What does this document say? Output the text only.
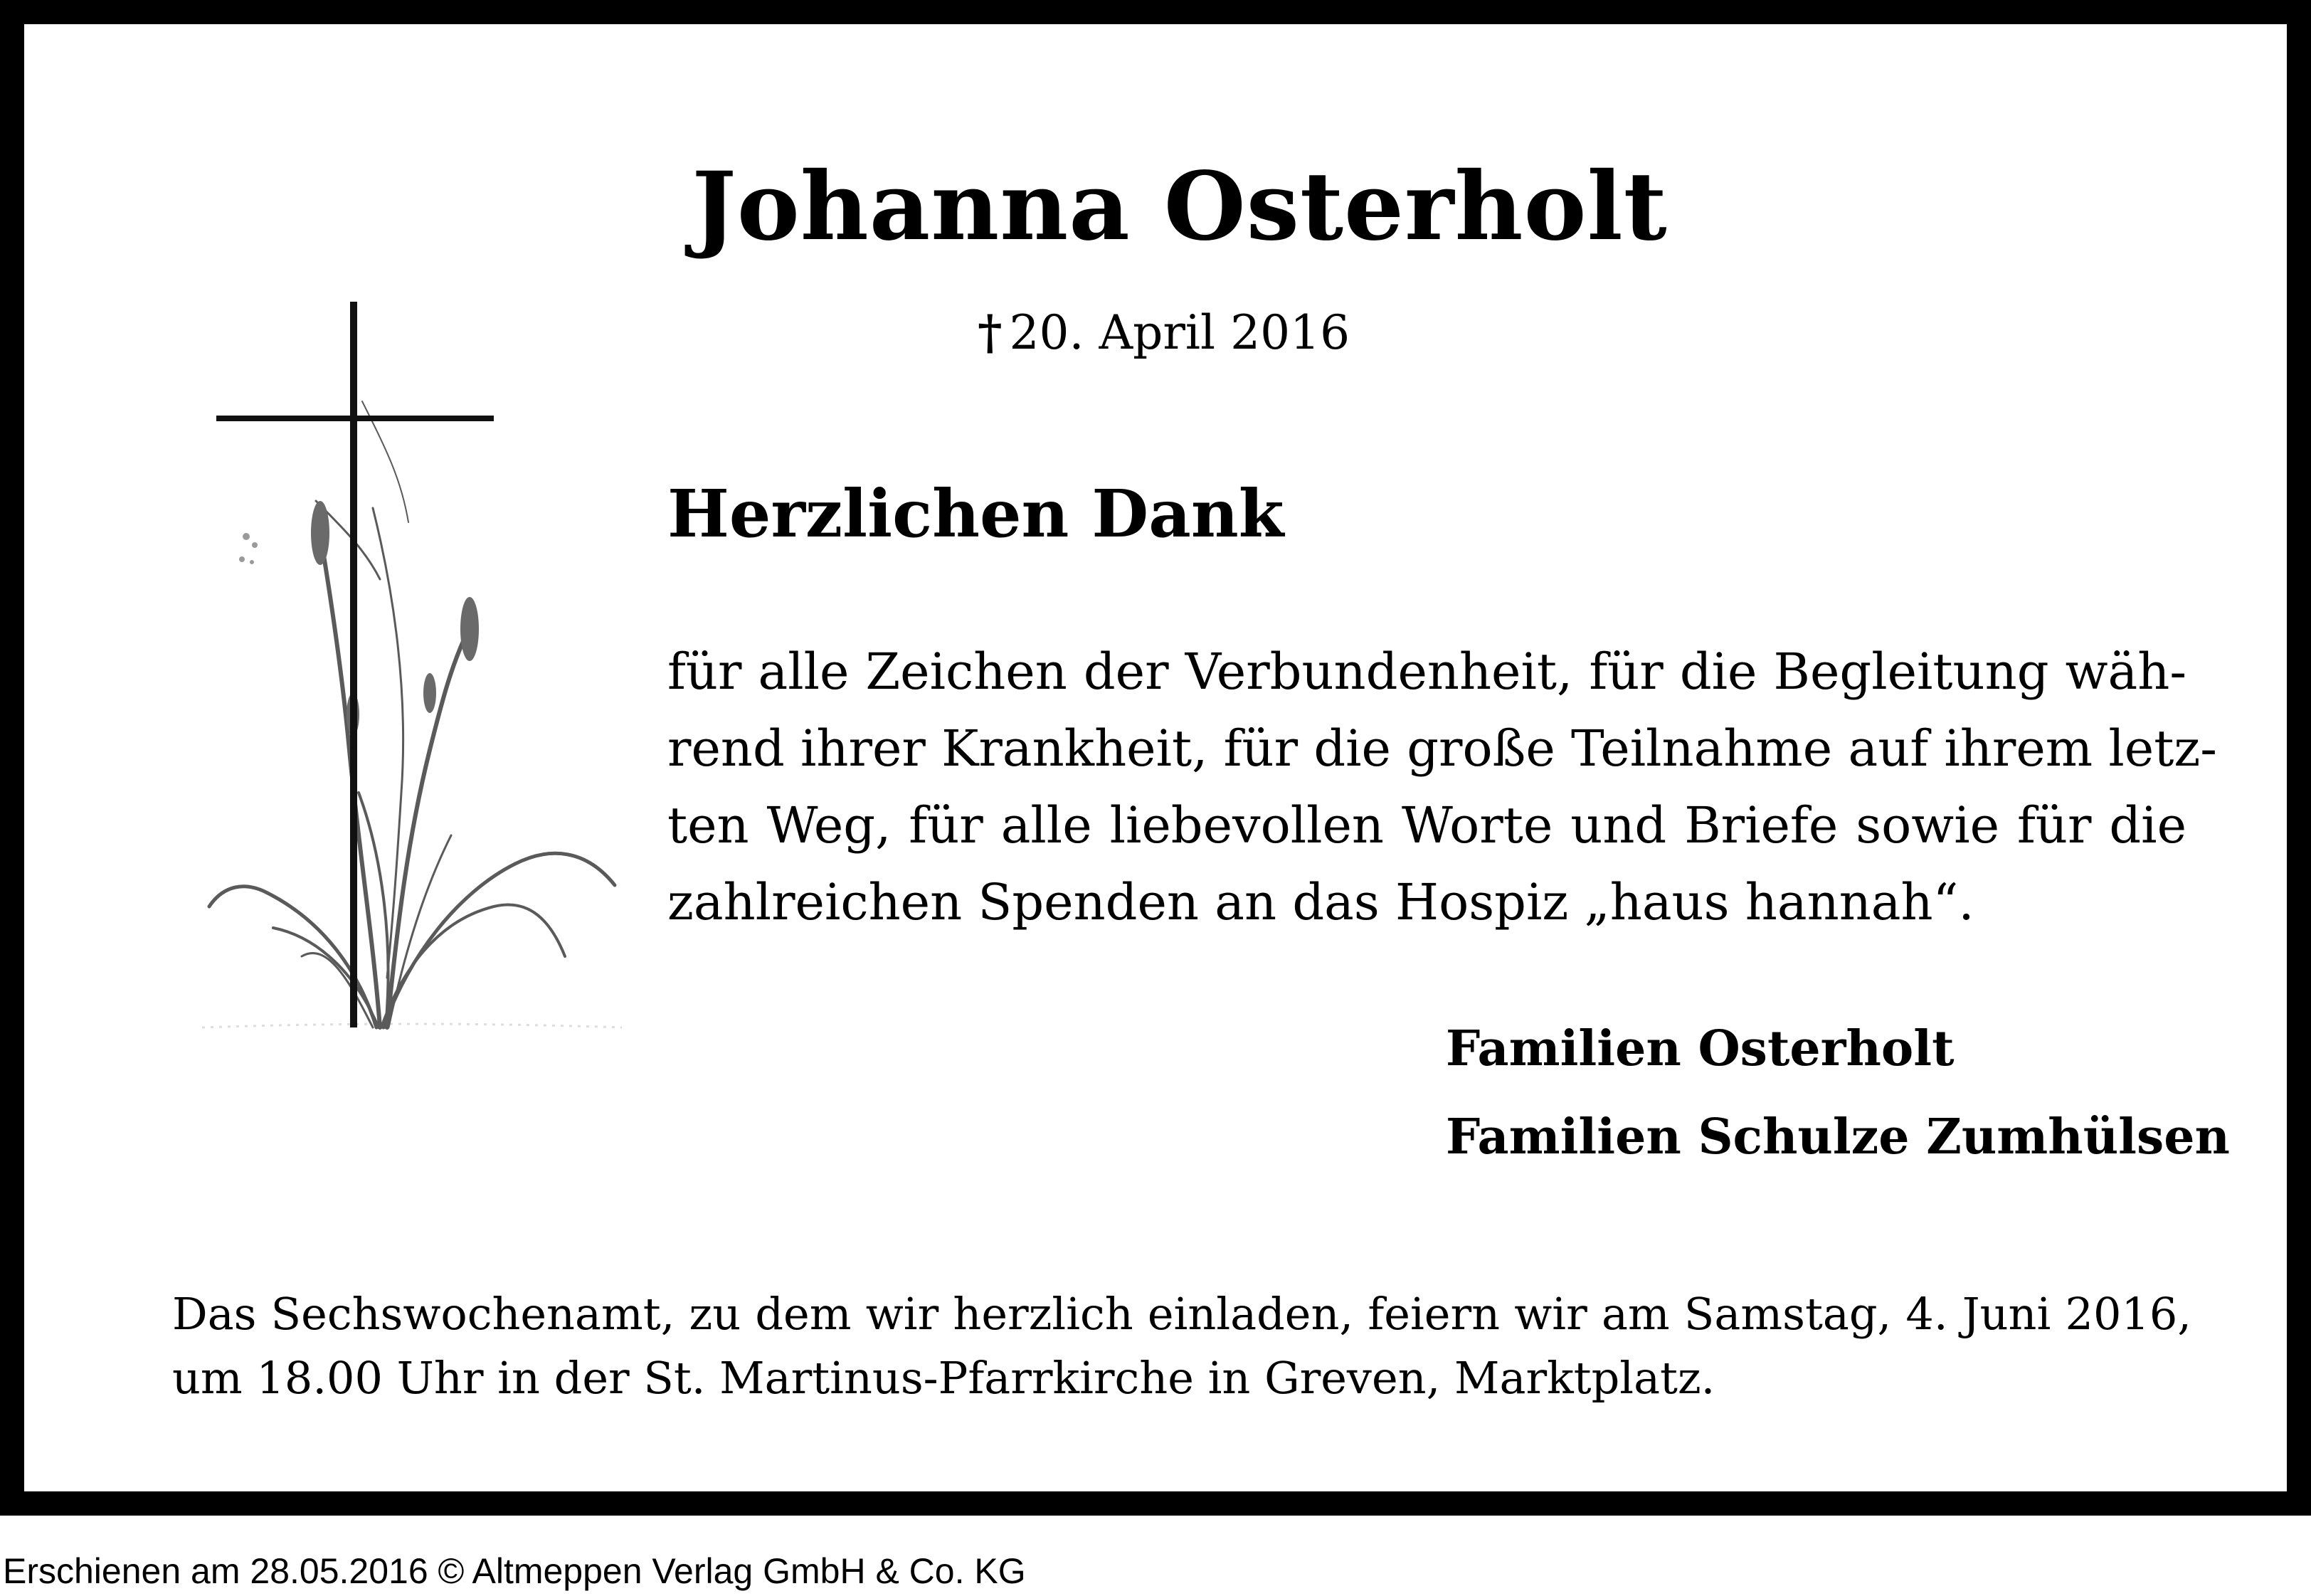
Johanna Osterholt
† 20. April 2016
Herzlichen Dank
für alle Zeichen der Verbundenheit, für die Begleitung wäh-
rend ihrer Krankheit, für die große Teilnahme auf ihrem letz-
ten Weg, für alle liebevollen Worte und Briefe sowie für die
zahlreichen Spenden an das Hospiz „haus hannah“.
Familien Osterholt
Familien Schulze Zumhülsen
Das Sechswochenamt, zu dem wir herzlich einladen, feiern wir am Samstag, 4. Juni 2016,
um 18.00 Uhr in der St. Martinus-Pfarrkirche in Greven, Marktplatz.
Erschienen am 28.05.2016 © Altmeppen Verlag GmbH & Co. KG
